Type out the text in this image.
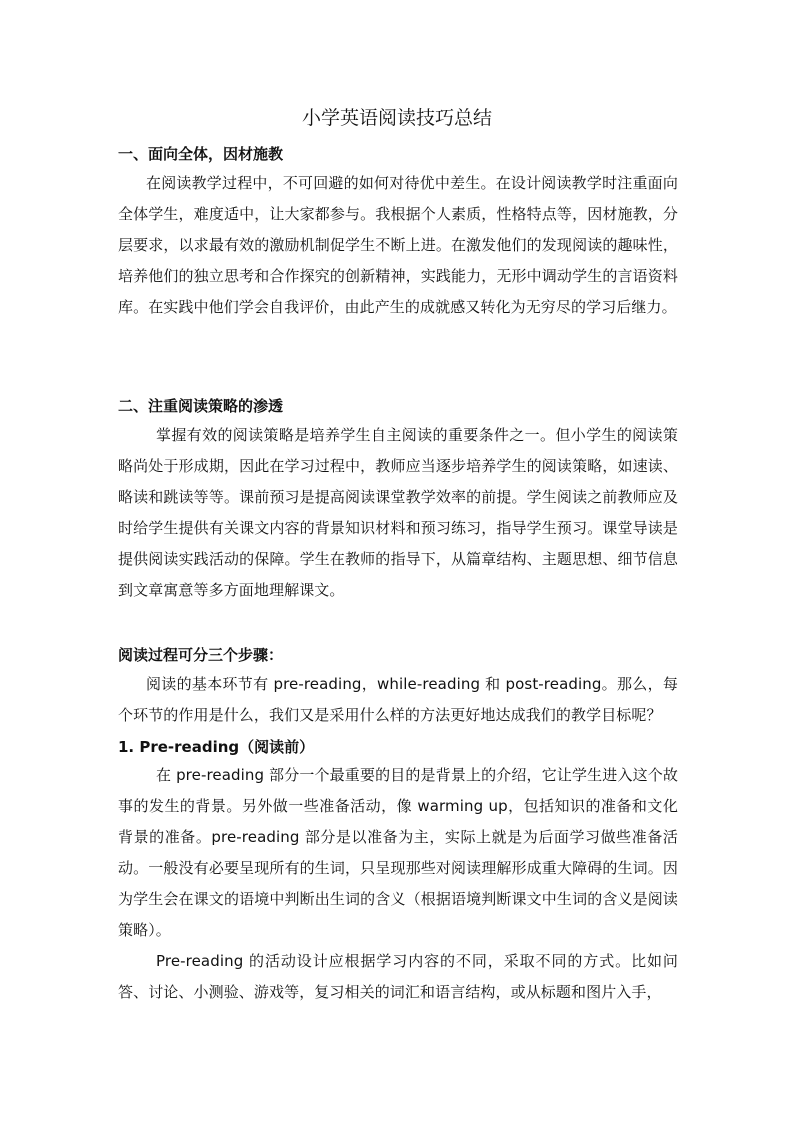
小学英语阅读技巧总结
一、面向全体，因材施教
在阅读教学过程中，不可回避的如何对待优中差生。在设计阅读教学时注重面向全体学生，难度适中，让大家都参与。我根据个人素质，性格特点等，因材施教，分层要求，以求最有效的激励机制促学生不断上进。在激发他们的发现阅读的趣味性，培养他们的独立思考和合作探究的创新精神，实践能力，无形中调动学生的言语资料库。在实践中他们学会自我评价，由此产生的成就感又转化为无穷尽的学习后继力。
二、注重阅读策略的渗透
掌握有效的阅读策略是培养学生自主阅读的重要条件之一。但小学生的阅读策略尚处于形成期，因此在学习过程中，教师应当逐步培养学生的阅读策略，如速读、略读和跳读等等。课前预习是提高阅读课堂教学效率的前提。学生阅读之前教师应及时给学生提供有关课文内容的背景知识材料和预习练习，指导学生预习。课堂导读是提供阅读实践活动的保障。学生在教师的指导下，从篇章结构、主题思想、细节信息到文章寓意等多方面地理解课文。
阅读过程可分三个步骤：
阅读的基本环节有 pre-reading，while-reading 和 post-reading。那么，每个环节的作用是什么，我们又是采用什么样的方法更好地达成我们的教学目标呢？
1. Pre-reading（阅读前）
在 pre-reading 部分一个最重要的目的是背景上的介绍，它让学生进入这个故事的发生的背景。另外做一些准备活动，像 warming up，包括知识的准备和文化背景的准备。pre-reading 部分是以准备为主，实际上就是为后面学习做些准备活动。一般没有必要呈现所有的生词，只呈现那些对阅读理解形成重大障碍的生词。因为学生会在课文的语境中判断出生词的含义（根据语境判断课文中生词的含义是阅读策略）。
Pre-reading 的活动设计应根据学习内容的不同，采取不同的方式。比如问答、讨论、小测验、游戏等，复习相关的词汇和语言结构，或从标题和图片入手，
